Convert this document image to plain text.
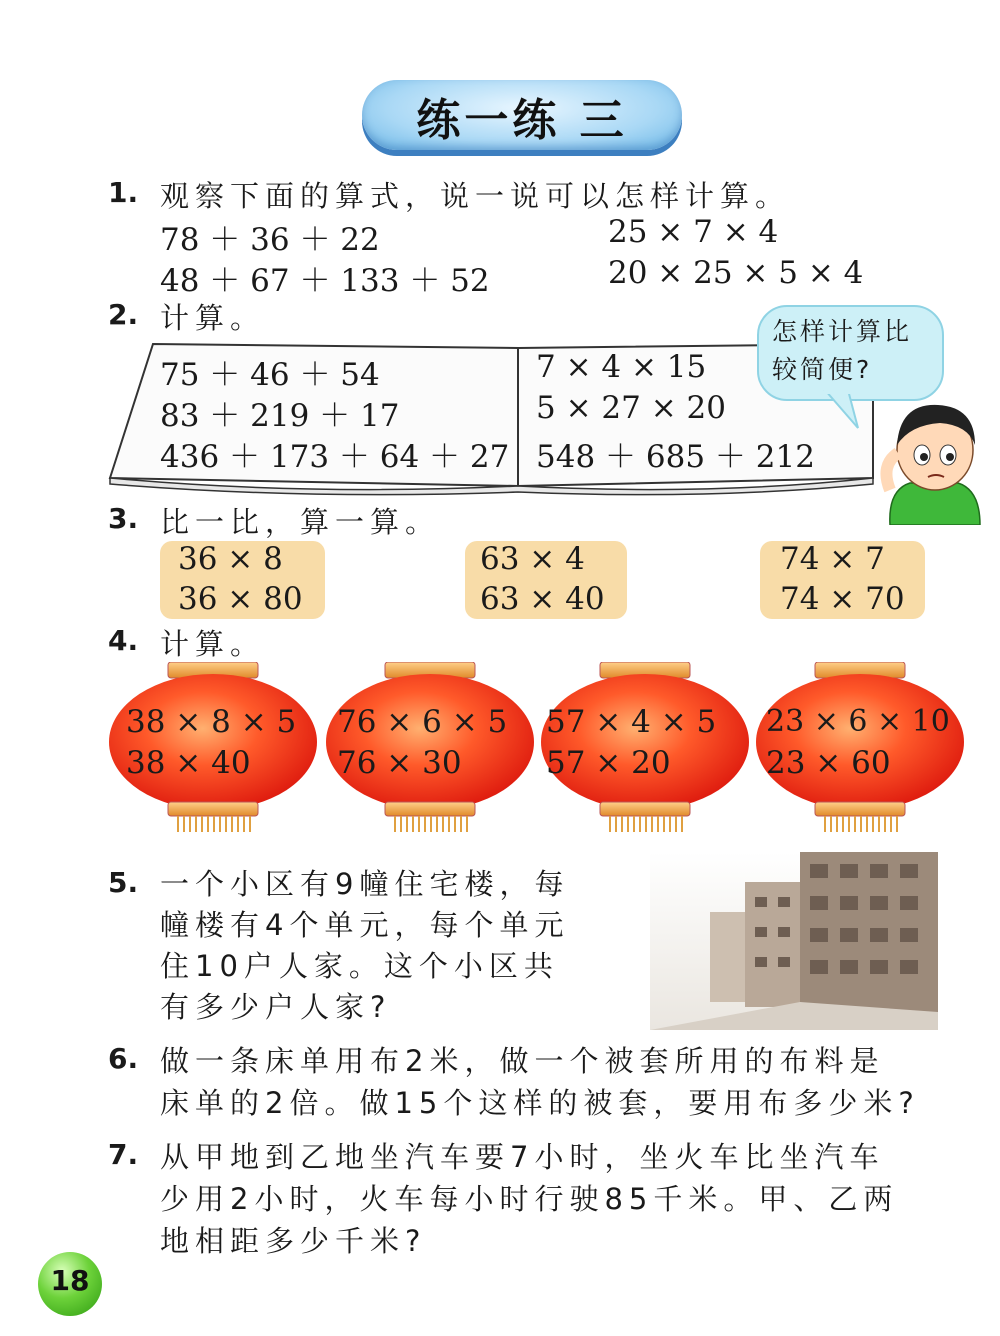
练一练 三
1. 观察下面的算式，说一说可以怎样计算。
78 ＋ 36 ＋ 22
48 ＋ 67 ＋ 133 ＋ 52
25 × 7 × 4
20 × 25 × 5 × 4
2. 计算。
75 ＋ 46 ＋ 54
83 ＋ 219 ＋ 17
436 ＋ 173 ＋ 64 ＋ 27
7 × 4 × 15
5 × 27 × 20
548 ＋ 685 ＋ 212
怎样计算比
较简便?
3. 比一比，算一算。
36 × 8
36 × 80
63 × 4
63 × 40
74 × 7
74 × 70
4. 计算。
38 × 8 × 5
38 × 40
76 × 6 × 5
76 × 30
57 × 4 × 5
57 × 20
23 × 6 × 10
23 × 60
5. 一个小区有9幢住宅楼，每
幢楼有4个单元，每个单元
住10户人家。这个小区共
有多少户人家?
6. 做一条床单用布2米，做一个被套所用的布料是
床单的2倍。做15个这样的被套，要用布多少米?
7. 从甲地到乙地坐汽车要7小时，坐火车比坐汽车
少用2小时，火车每小时行驶85千米。甲、乙两
地相距多少千米?
18
